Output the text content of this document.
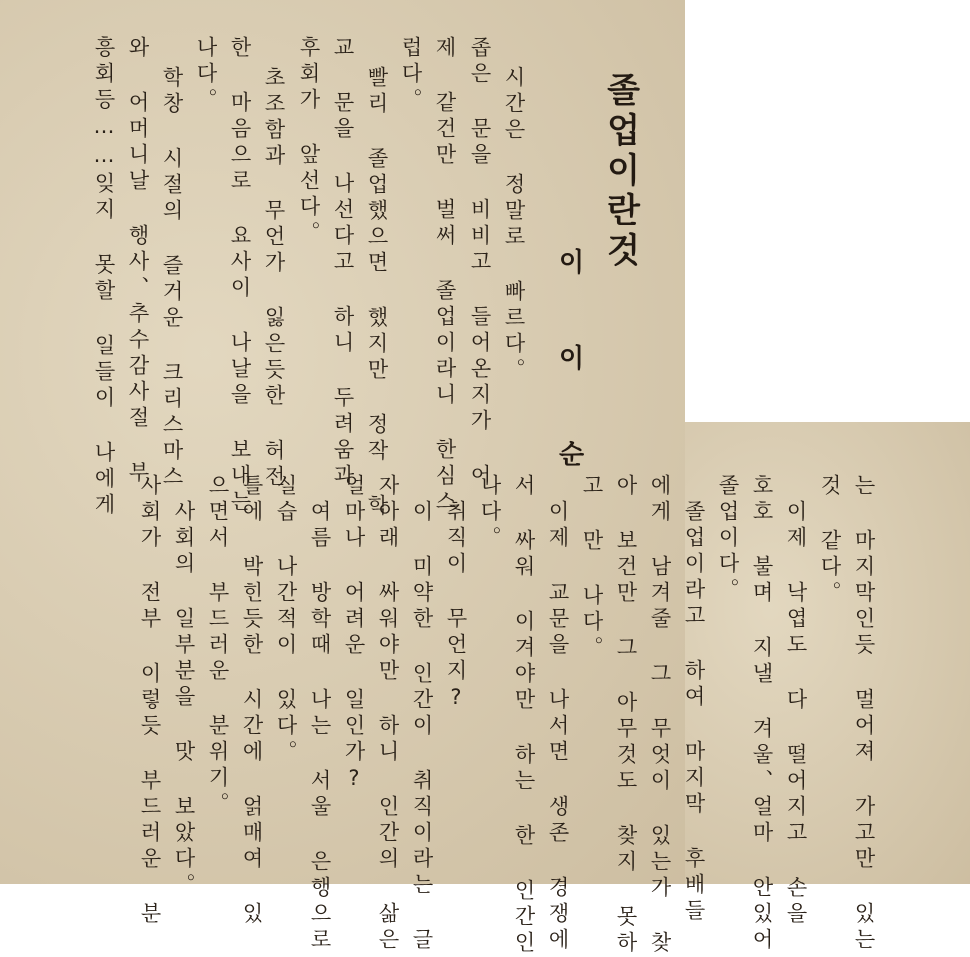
졸업이란것
이 이 순
시간은 정말로 빠르다。
좁은 문을 비비고 들어온지가 어
제 같건만 벌써 졸업이라니 한심스
럽다。
빨리 졸업했으면 했지만 정작 학
교 문을 나선다고 하니 두려움과
후회가 앞선다。
초조함과 무언가 잃은듯한 허전
한 마음으로 요사이 나날을 보내는
나다。
학창 시절의 즐거운 크리스마스
와 어머니날 행사、추수감사절 부
흥회등……잊지 못할 일들이 나에게
는 마지막인듯 멀어져 가고만 있는
것 같다。
이제 낙엽도 다 떨어지고 손을
호호 불며 지낼 겨울、얼마 안있어
졸업이다。
졸업이라고 하여 마지막 후배들
에게 남겨줄 그 무엇이 있는가 찾
아 보건만 그 아무것도 찾지 못하
고 만 나다。
이제 교문을 나서면 생존 경쟁에
서 싸워 이겨야만 하는 한 인간인
나다。
취직이 무언지?
이 미약한 인간이 취직이라는 글
자아래 싸워야만 하니 인간의 삶은
얼마나 어려운 일인가?
여름 방학때 나는 서울 은행으로
실습 나간적이 있다。
틀에 박힌듯한 시간에 얽매여 있
으면서 부드러운 분위기。
사회의 일부분을 맛 보았다。
사회가 전부 이렇듯 부드러운 분
